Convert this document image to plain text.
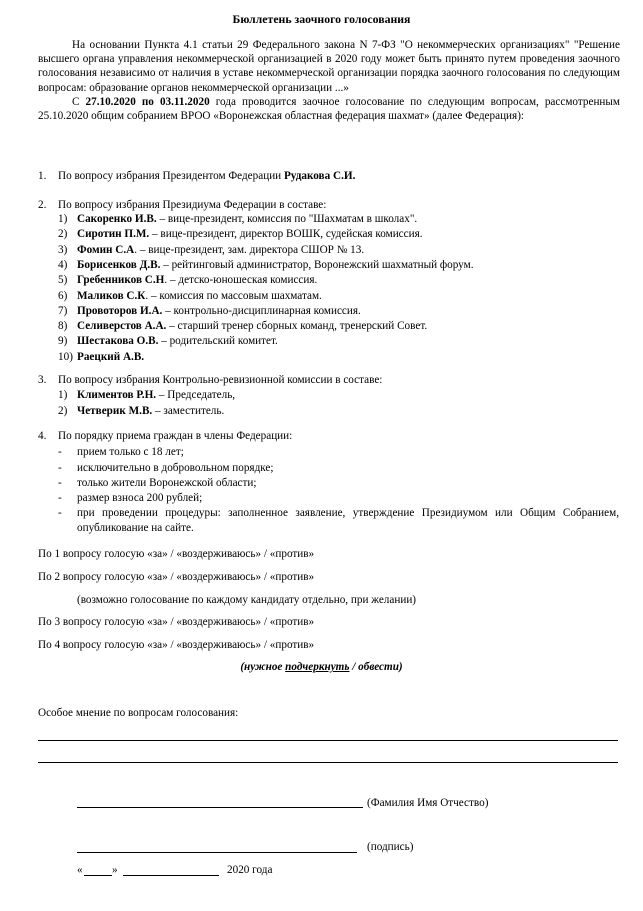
Бюллетень заочного голосования

На основании Пункта 4.1 статьи 29 Федерального закона N 7-ФЗ "О некоммерческих организациях" "Решение высшего органа управления некоммерческой организацией в 2020 году может быть принято путем проведения заочного голосования независимо от наличия в уставе некоммерческой организации порядка заочного голосования по следующим вопросам: образование органов некоммерческой организации ...»

С 27.10.2020 по 03.11.2020 года проводится заочное голосование по следующим вопросам, рассмотренным 25.10.2020 общим собранием ВРОО «Воронежская областная федерация шахмат» (далее Федерация):

1. По вопросу избрания Президентом Федерации Рудакова С.И.
2. По вопросу избрания Президиума Федерации в составе:
1) Сакоренко И.В. – вице-президент, комиссия по "Шахматам в школах".
2) Сиротин П.М. – вице-президент, директор ВОШК, судейская комиссия.
3) Фомин С.А. – вице-президент, зам. директора СШОР № 13.
4) Борисенков Д.В. – рейтинговый администратор, Воронежский шахматный форум.
5) Гребенников С.Н. – детско-юношеская комиссия.
6) Маликов С.К. – комиссия по массовым шахматам.
7) Провоторов И.А. – контрольно-дисциплинарная комиссия.
8) Селиверстов А.А. – старший тренер сборных команд, тренерский Совет.
9) Шестакова О.В. – родительский комитет.
10) Раецкий А.В.
3. По вопросу избрания Контрольно-ревизионной комиссии в составе:
1) Климентов Р.Н. – Председатель,
2) Четверик М.В. – заместитель.
4. По порядку приема граждан в члены Федерации:
- прием только с 18 лет;
- исключительно в добровольном порядке;
- только жители Воронежской области;
- размер взноса 200 рублей;
- при проведении процедуры: заполненное заявление, утверждение Президиумом или Общим Собранием, опубликование на сайте.
По 1 вопросу голосую «за» / «воздерживаюсь» / «против»
По 2 вопросу голосую «за» / «воздерживаюсь» / «против»
(возможно голосование по каждому кандидату отдельно, при желании)
По 3 вопросу голосую «за» / «воздерживаюсь» / «против»
По 4 вопросу голосую «за» / «воздерживаюсь» / «против»
(нужное подчеркнуть / обвести)
Особое мнение по вопросам голосования:
(Фамилия Имя Отчество)
(подпись)
«	»	2020 года
